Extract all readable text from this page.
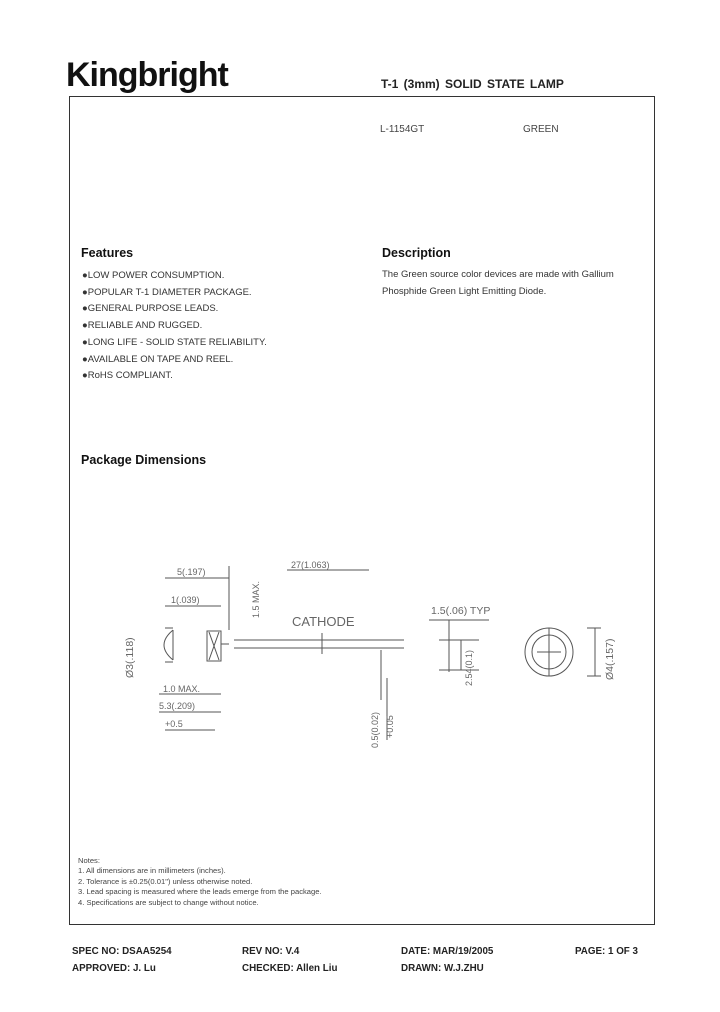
Kingbright	T-1 (3mm) SOLID STATE LAMP
L-1154GT	GREEN
Features
●LOW POWER CONSUMPTION.
●POPULAR T-1 DIAMETER PACKAGE.
●GENERAL PURPOSE LEADS.
●RELIABLE AND RUGGED.
●LONG LIFE - SOLID STATE RELIABILITY.
●AVAILABLE ON TAPE AND REEL.
●RoHS COMPLIANT.
Description
The Green source color devices are made with Gallium
Phosphide Green Light Emitting Diode.
Package Dimensions
5(.197)
27(1.063)
1(.039)	1.5 MAX.
CATHODE
1.5(.06) TYP
Ø3(.118)	2.54(0.1)	Ø4(.157)
1.0 MAX.
5.3(.209)
+0.5	0.5(0.02) +0.05
Notes:
1. All dimensions are in millimeters (inches).
2. Tolerance is ±0.25(0.01") unless otherwise noted.
3. Lead spacing is measured where the leads emerge from the package.
4. Specifications are subject to change without notice.
SPEC NO: DSAA5254	REV NO: V.4	DATE: MAR/19/2005	PAGE: 1 OF 3
APPROVED: J. Lu	CHECKED: Allen Liu	DRAWN: W.J.ZHU
